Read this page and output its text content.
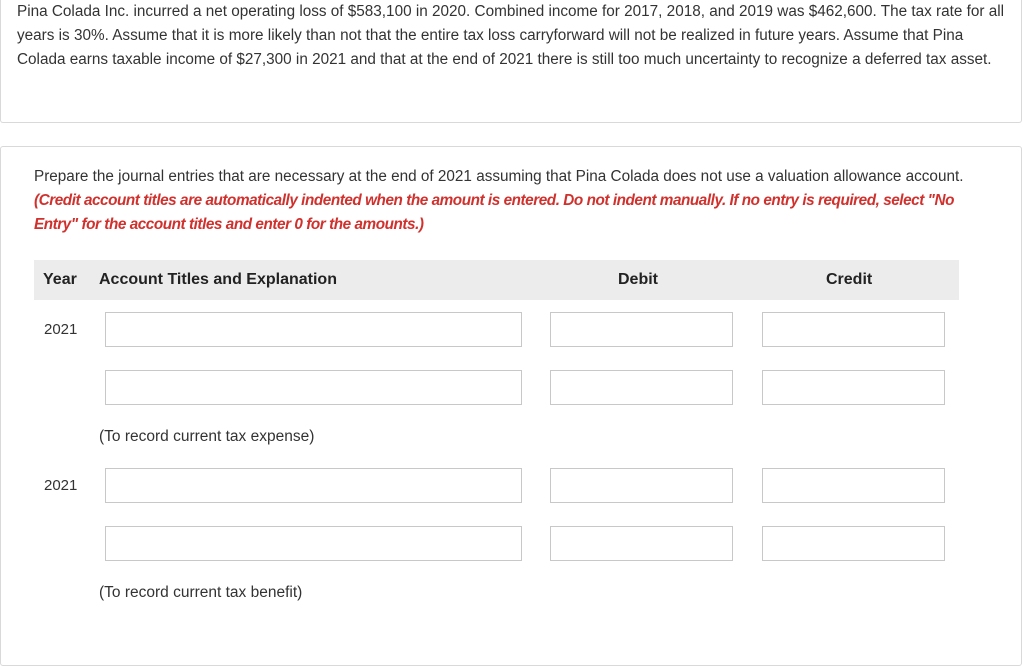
Pina Colada Inc. incurred a net operating loss of $583,100 in 2020. Combined income for 2017, 2018, and 2019 was $462,600. The tax rate for all years is 30%. Assume that it is more likely than not that the entire tax loss carryforward will not be realized in future years. Assume that Pina Colada earns taxable income of $27,300 in 2021 and that at the end of 2021 there is still too much uncertainty to recognize a deferred tax asset.
Prepare the journal entries that are necessary at the end of 2021 assuming that Pina Colada does not use a valuation allowance account. (Credit account titles are automatically indented when the amount is entered. Do not indent manually. If no entry is required, select "No Entry" for the account titles and enter 0 for the amounts.)
Year Account Titles and Explanation	Debit	Credit
2021
(To record current tax expense)
2021
(To record current tax benefit)
